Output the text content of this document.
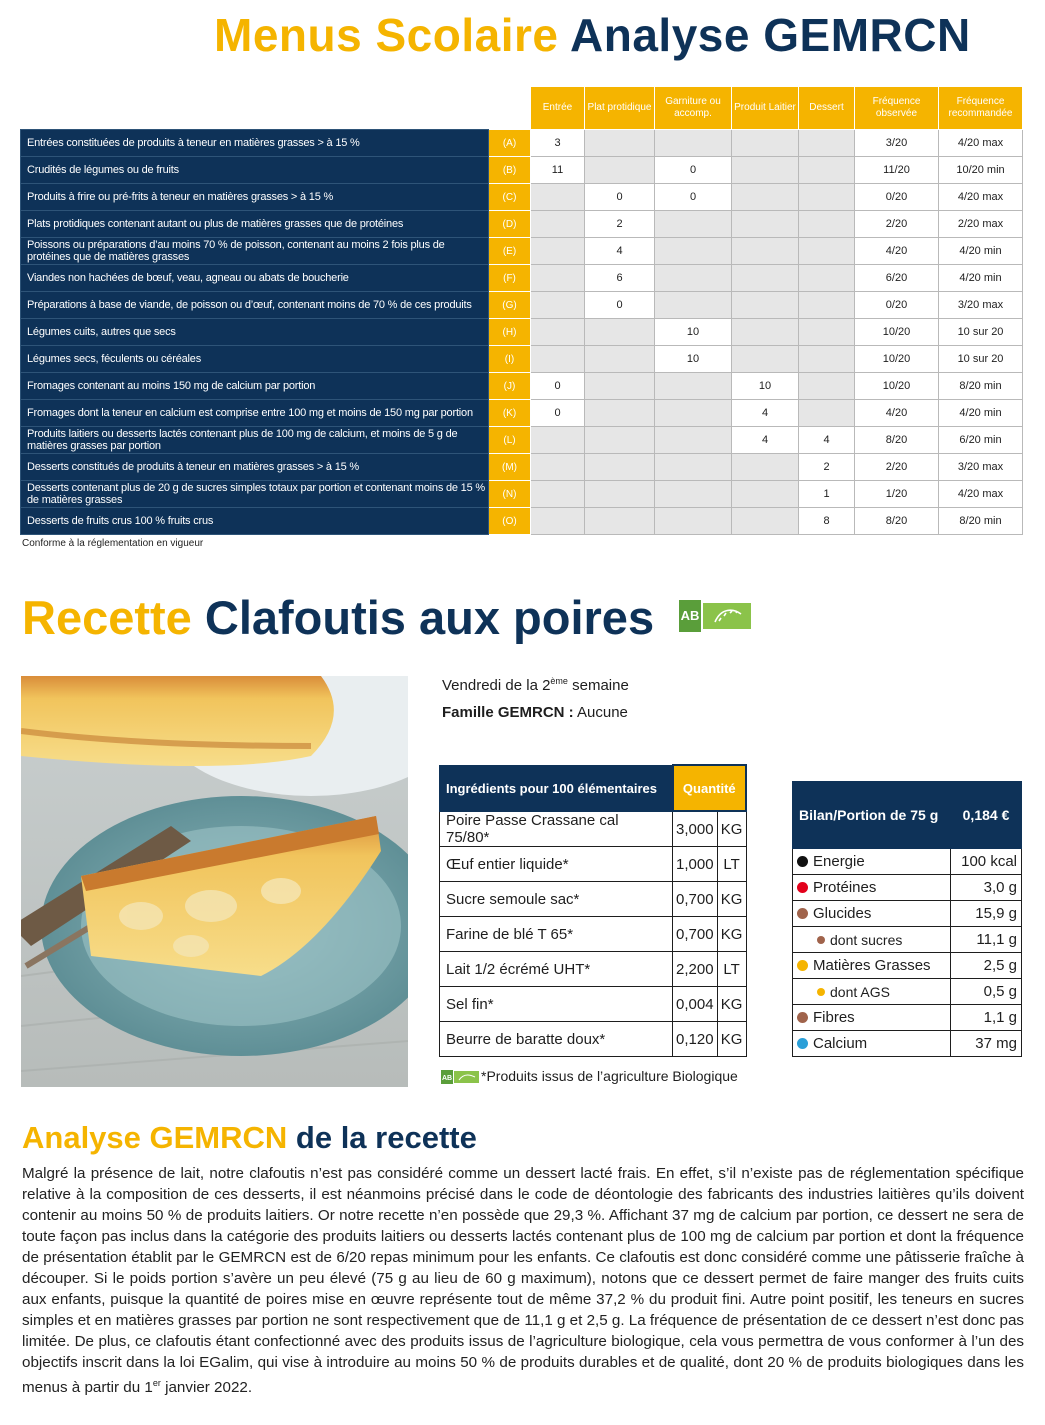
Menus Scolaire Analyse GEMRCN
		Entrée	Plat protidique	Garniture ou accomp.	Produit Laitier	Dessert	Fréquence observée	Fréquence recommandée
Entrées constituées de produits à teneur en matières grasses > à 15 %	(A)	3					3/20	4/20 max
Crudités de légumes ou de fruits	(B)	11		0			11/20	10/20 min
Produits à frire ou pré-frits à teneur en matières grasses > à 15 %	(C)		0	0			0/20	4/20 max
Plats protidiques contenant autant ou plus de matières grasses que de protéines	(D)		2				2/20	2/20 max
Poissons ou préparations d’au moins 70 % de poisson, contenant au moins 2 fois plus de protéines que de matières grasses	(E)		4				4/20	4/20 min
Viandes non hachées de bœuf, veau, agneau ou abats de boucherie	(F)		6				6/20	4/20 min
Préparations à base de viande, de poisson ou d’œuf, contenant moins de 70 % de ces produits	(G)		0				0/20	3/20 max
Légumes cuits, autres que secs	(H)			10			10/20	10 sur 20
Légumes secs, féculents ou céréales	(I)			10			10/20	10 sur 20
Fromages contenant au moins 150 mg de calcium par portion	(J)	0			10		10/20	8/20 min
Fromages dont la teneur en calcium est comprise entre 100 mg et moins de 150 mg par portion	(K)	0			4		4/20	4/20 min
Produits laitiers ou desserts lactés contenant plus de 100 mg de calcium, et moins de 5 g de matières grasses par portion	(L)				4	4	8/20	6/20 min
Desserts constitués de produits à teneur en matières grasses > à 15 %	(M)					2	2/20	3/20 max
Desserts contenant plus de 20 g de sucres simples totaux par portion et contenant moins de 15 % de matières grasses	(N)					1	1/20	4/20 max
Desserts de fruits crus 100 % fruits crus	(O)					8	8/20	8/20 min
Conforme à la réglementation en vigueur
Recette Clafoutis aux poires AB
Vendredi de la 2ème semaine
Famille GEMRCN : Aucune
Ingrédients pour 100 élémentaires	Quantité	
Poire Passe Crassane cal 75/80*	3,000	KG
Œuf entier liquide*	1,000	LT
Sucre semoule sac*	0,700	KG
Farine de blé T 65*	0,700	KG
Lait 1/2 écrémé UHT*	2,200	LT
Sel fin*	0,004	KG
Beurre de baratte doux*	0,120	KG
AB *Produits issus de l’agriculture Biologique
Bilan/Portion de 75 g	0,184 €
Energie	100 kcal
Protéines	3,0 g
Glucides	15,9 g
dont sucres	11,1 g
Matières Grasses	2,5 g
dont AGS	0,5 g
Fibres	1,1 g
Calcium	37 mg
Analyse GEMRCN de la recette
Malgré la présence de lait, notre clafoutis n’est pas considéré comme un dessert lacté frais. En effet, s’il n’existe pas de réglementation spécifique relative à la composition de ces desserts, il est néanmoins précisé dans le code de déontologie des fabricants des industries laitières qu’ils doivent contenir au moins 50 % de produits laitiers. Or notre recette n’en possède que 29,3 %. Affichant 37 mg de calcium par portion, ce dessert ne sera de toute façon pas inclus dans la catégorie des produits laitiers ou desserts lactés contenant plus de 100 mg de calcium par portion et dont la fréquence de présentation établit par le GEMRCN est de 6/20 repas minimum pour les enfants. Ce clafoutis est donc considéré comme une pâtisserie fraîche à découper. Si le poids portion s’avère un peu élevé (75 g au lieu de 60 g maximum), notons que ce dessert permet de faire manger des fruits cuits aux enfants, puisque la quantité de poires mise en œuvre représente tout de même 37,2 % du produit fini. Autre point positif, les teneurs en sucres simples et en matières grasses par portion ne sont respectivement que de 11,1 g et 2,5 g. La fréquence de présentation de ce dessert n’est donc pas limitée. De plus, ce clafoutis étant confectionné avec des produits issus de l’agriculture biologique, cela vous permettra de vous conformer à l’un des objectifs inscrit dans la loi EGalim, qui vise à introduire au moins 50 % de produits durables et de qualité, dont 20 % de produits biologiques dans les menus à partir du 1er janvier 2022.
